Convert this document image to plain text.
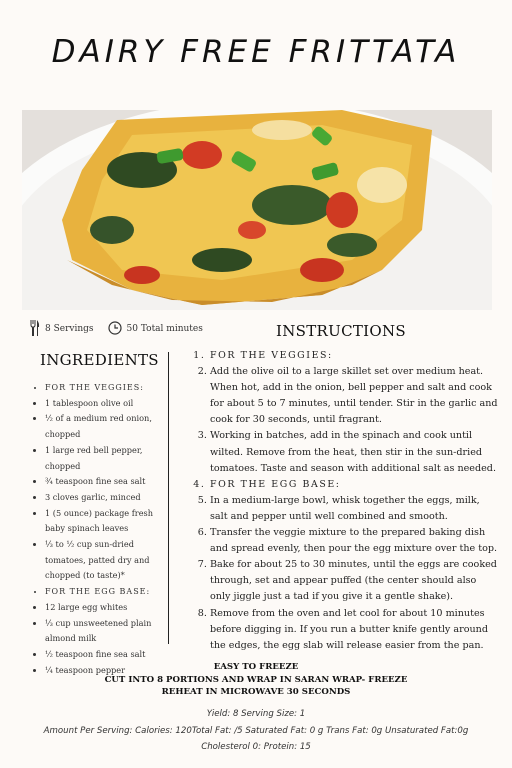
DAIRY FREE FRITTATA
8 Servings	50 Total minutes	INSTRUCTIONS
INGREDIENTS
• FOR THE VEGGIES:
• 1 tablespoon olive oil
• ½ of a medium red onion, chopped
• 1 large red bell pepper, chopped
• ¾ teaspoon fine sea salt
• 3 cloves garlic, minced
• 1 (5 ounce) package fresh baby spinach leaves
• ⅓ to ½ cup sun-dried tomatoes, patted dry and chopped (to taste)*
• FOR THE EGG BASE:
• 12 large egg whites
• ⅓ cup unsweetened plain almond milk
• ½ teaspoon fine sea salt
• ¼ teaspoon pepper
1. FOR THE VEGGIES:
2. Add the olive oil to a large skillet set over medium heat. When hot, add in the onion, bell pepper and salt and cook for about 5 to 7 minutes, until tender. Stir in the garlic and cook for 30 seconds, until fragrant.
3. Working in batches, add in the spinach and cook until wilted. Remove from the heat, then stir in the sun-dried tomatoes. Taste and season with additional salt as needed.
4. FOR THE EGG BASE:
5. In a medium-large bowl, whisk together the eggs, milk, salt and pepper until well combined and smooth.
6. Transfer the veggie mixture to the prepared baking dish and spread evenly, then pour the egg mixture over the top.
7. Bake for about 25 to 30 minutes, until the eggs are cooked through, set and appear puffed (the center should also only jiggle just a tad if you give it a gentle shake).
8. Remove from the oven and let cool for about 10 minutes before digging in. If you run a butter knife gently around the edges, the egg slab will release easier from the pan.
EASY TO FREEZE
CUT INTO 8 PORTIONS AND WRAP IN SARAN WRAP- FREEZE
REHEAT IN MICROWAVE 30 SECONDS
Yield: 8 Serving Size: 1
Amount Per Serving: Calories: 120Total Fat: /5 Saturated Fat: 0 g Trans Fat: 0g Unsaturated Fat:0g
Cholesterol 0: Protein: 15
